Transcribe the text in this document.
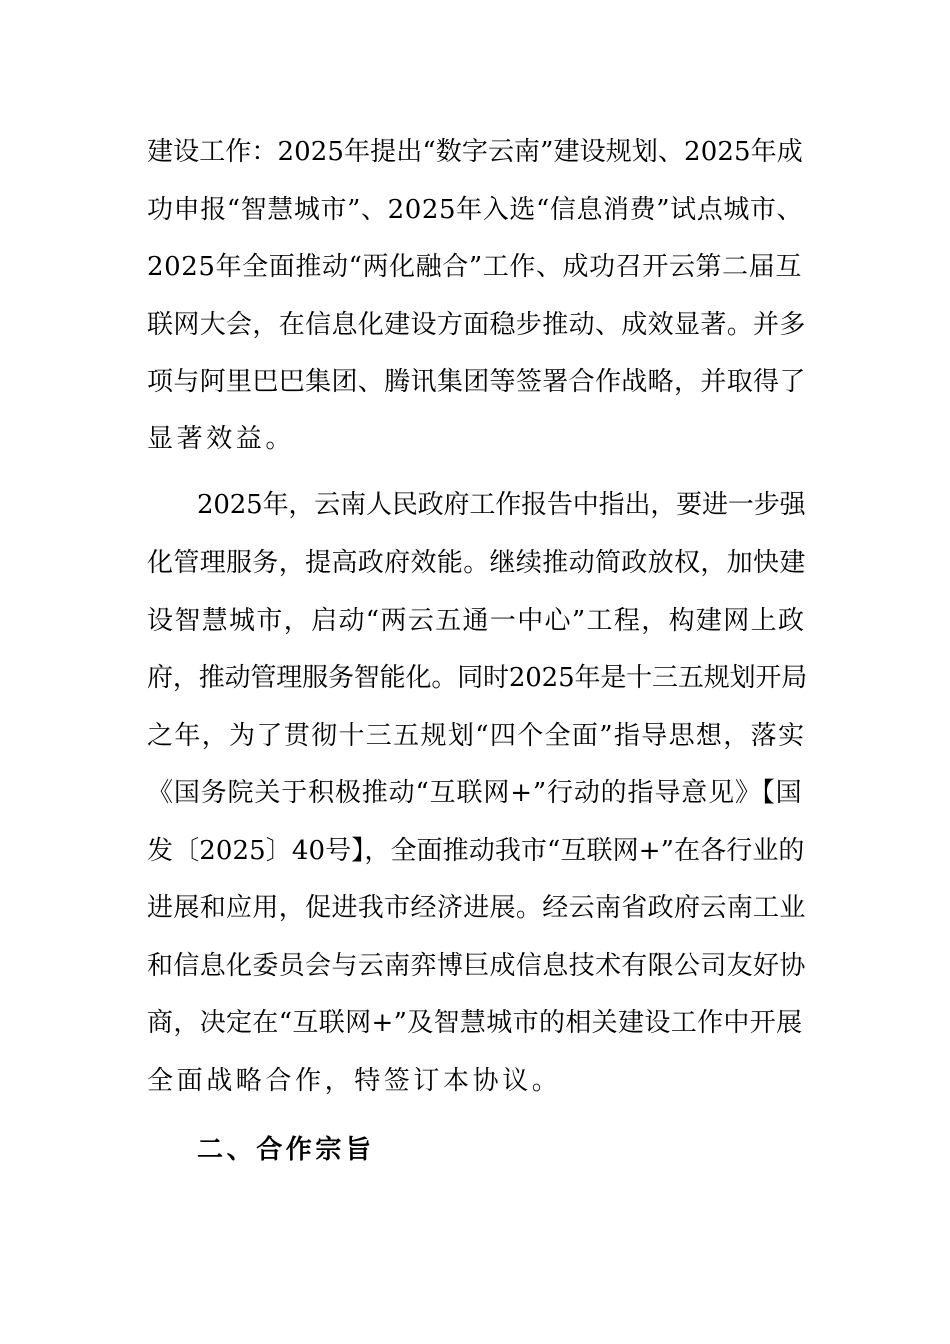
建设工作：2025年提出“数字云南”建设规划、2025年成

功申报“智慧城市”、2025年入选“信息消费”试点城市、

2025年全面推动“两化融合”工作、成功召开云第二届互

联网大会，在信息化建设方面稳步推动、成效显著。并多

项与阿里巴巴集团、腾讯集团等签署合作战略，并取得了

显著效益。

2025年，云南人民政府工作报告中指出，要进一步强

化管理服务，提高政府效能。继续推动简政放权，加快建

设智慧城市，启动“两云五通一中心”工程，构建网上政

府，推动管理服务智能化。同时2025年是十三五规划开局

之年，为了贯彻十三五规划“四个全面”指导思想，落实

《国务院关于积极推动“互联网+”行动的指导意见》【国

发〔2025〕40号】，全面推动我市“互联网+”在各行业的

进展和应用，促进我市经济进展。经云南省政府云南工业

和信息化委员会与云南弈博巨成信息技术有限公司友好协

商，决定在“互联网+”及智慧城市的相关建设工作中开展

全面战略合作，特签订本协议。

二、合作宗旨
